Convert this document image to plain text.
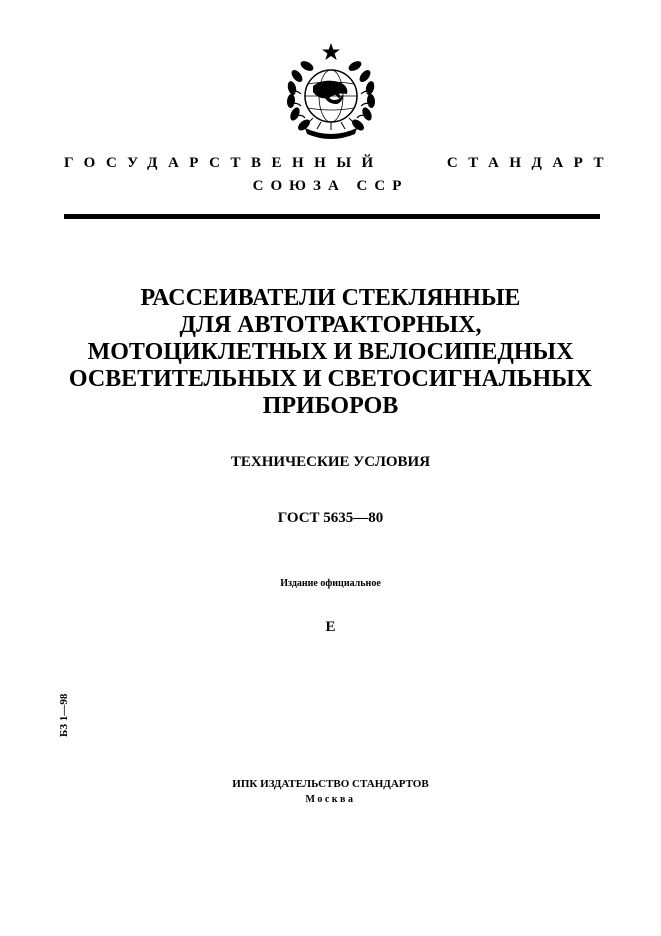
ГОСУДАРСТВЕННЫЙ	СТАНДАРТ
СОЮЗА ССР
РАССЕИВАТЕЛИ СТЕКЛЯННЫЕ
ДЛЯ АВТОТРАКТОРНЫХ,
МОТОЦИКЛЕТНЫХ И ВЕЛОСИПЕДНЫХ
ОСВЕТИТЕЛЬНЫХ И СВЕТОСИГНАЛЬНЫХ
ПРИБОРОВ
ТЕХНИЧЕСКИЕ УСЛОВИЯ
ГОСТ 5635—80
Издание официальное
Е
БЗ 1—98
ИПК ИЗДАТЕЛЬСТВО СТАНДАРТОВ
Москва
